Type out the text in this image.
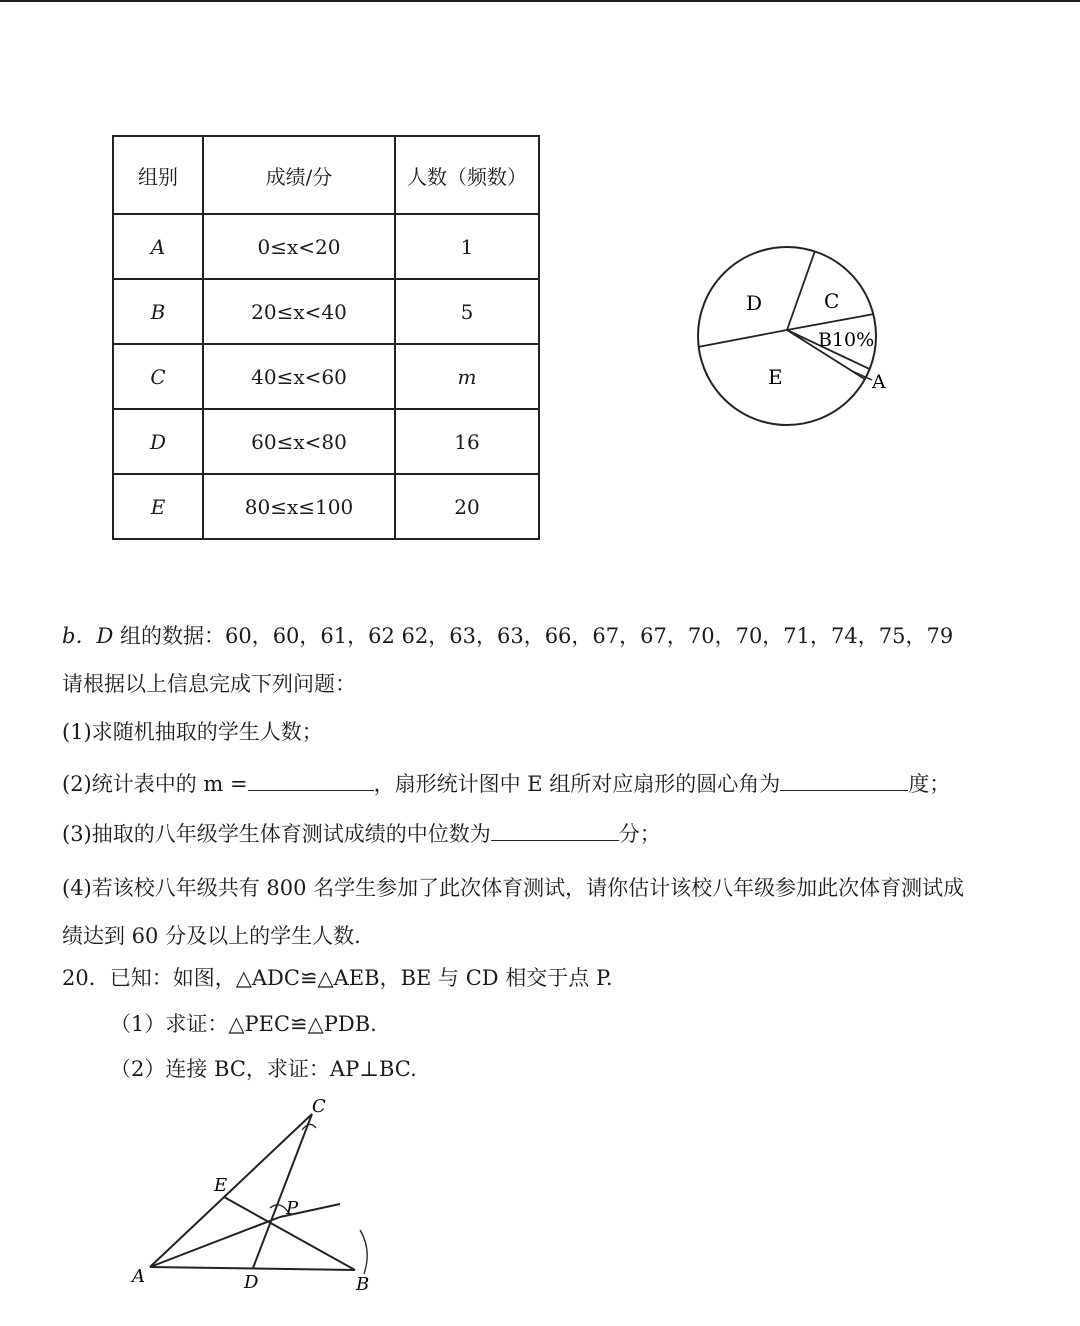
组别	成绩/分	人数（频数）
A	0≤x<20	1
B	20≤x<40	5
C	40≤x<60	m
D	60≤x<80	16
E	80≤x≤100	20
D	C
B10%
E	A
b．D 组的数据：60，60，61，62 62，63，63，66，67，67，70，70，71，74，75，79
请根据以上信息完成下列问题：
(1)求随机抽取的学生人数；
(2)统计表中的 m =	，扇形统计图中 E 组所对应扇形的圆心角为	度；
(3)抽取的八年级学生体育测试成绩的中位数为	分；
(4)若该校八年级共有 800 名学生参加了此次体育测试，请你估计该校八年级参加此次体育测试成
绩达到 60 分及以上的学生人数.
20．已知：如图，△ADC≌△AEB，BE 与 CD 相交于点 P.
（1）求证：△PEC≌△PDB.
（2）连接 BC，求证：AP⊥BC.
C
E
P
A	D	B
